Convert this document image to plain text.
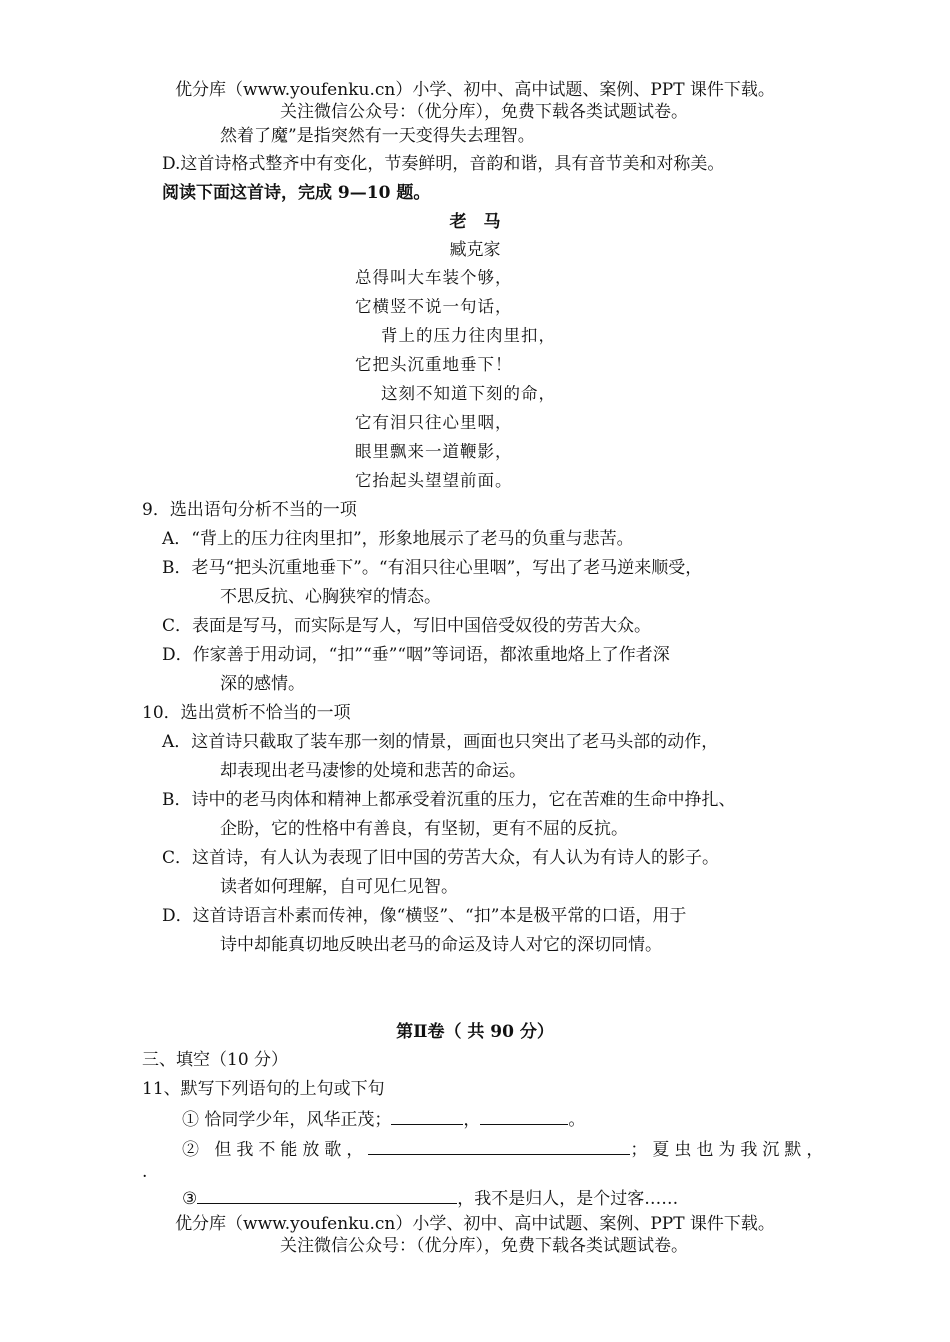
优分库（www.youfenku.cn）小学、初中、高中试题、案例、PPT 课件下载。
关注微信公众号：（优分库），免费下载各类试题试卷。
然着了魔”是指突然有一天变得失去理智。
D.这首诗格式整齐中有变化，节奏鲜明，音韵和谐，具有音节美和对称美。
阅读下面这首诗，完成 9—10 题。
老　马
臧克家
总得叫大车装个够，
它横竖不说一句话，
背上的压力往肉里扣，
它把头沉重地垂下！
这刻不知道下刻的命，
它有泪只往心里咽，
眼里飘来一道鞭影，
它抬起头望望前面。
9．选出语句分析不当的一项
A．“背上的压力往肉里扣”，形象地展示了老马的负重与悲苦。
B．老马“把头沉重地垂下”。“有泪只往心里咽”，写出了老马逆来顺受，
不思反抗、心胸狭窄的情态。
C．表面是写马，而实际是写人，写旧中国倍受奴役的劳苦大众。
D．作家善于用动词，“扣”“垂”“咽”等词语，都浓重地烙上了作者深
深的感情。
10．选出赏析不恰当的一项
A．这首诗只截取了装车那一刻的情景，画面也只突出了老马头部的动作，
却表现出老马凄惨的处境和悲苦的命运。
B．诗中的老马肉体和精神上都承受着沉重的压力，它在苦难的生命中挣扎、
企盼，它的性格中有善良，有坚韧，更有不屈的反抗。
C．这首诗，有人认为表现了旧中国的劳苦大众，有人认为有诗人的影子。
读者如何理解，自可见仁见智。
D．这首诗语言朴素而传神，像“横竖”、“扣”本是极平常的口语，用于
诗中却能真切地反映出老马的命运及诗人对它的深切同情。
第Ⅱ卷（ 共 90 分）
三、填空（10 分）
11、默写下列语句的上句或下句
① 恰同学少年，风华正茂；	，	。
② 但我不能放歌，	；夏虫也为我沉默，
.
③	，我不是归人，是个过客……
优分库（www.youfenku.cn）小学、初中、高中试题、案例、PPT 课件下载。
关注微信公众号：（优分库），免费下载各类试题试卷。
